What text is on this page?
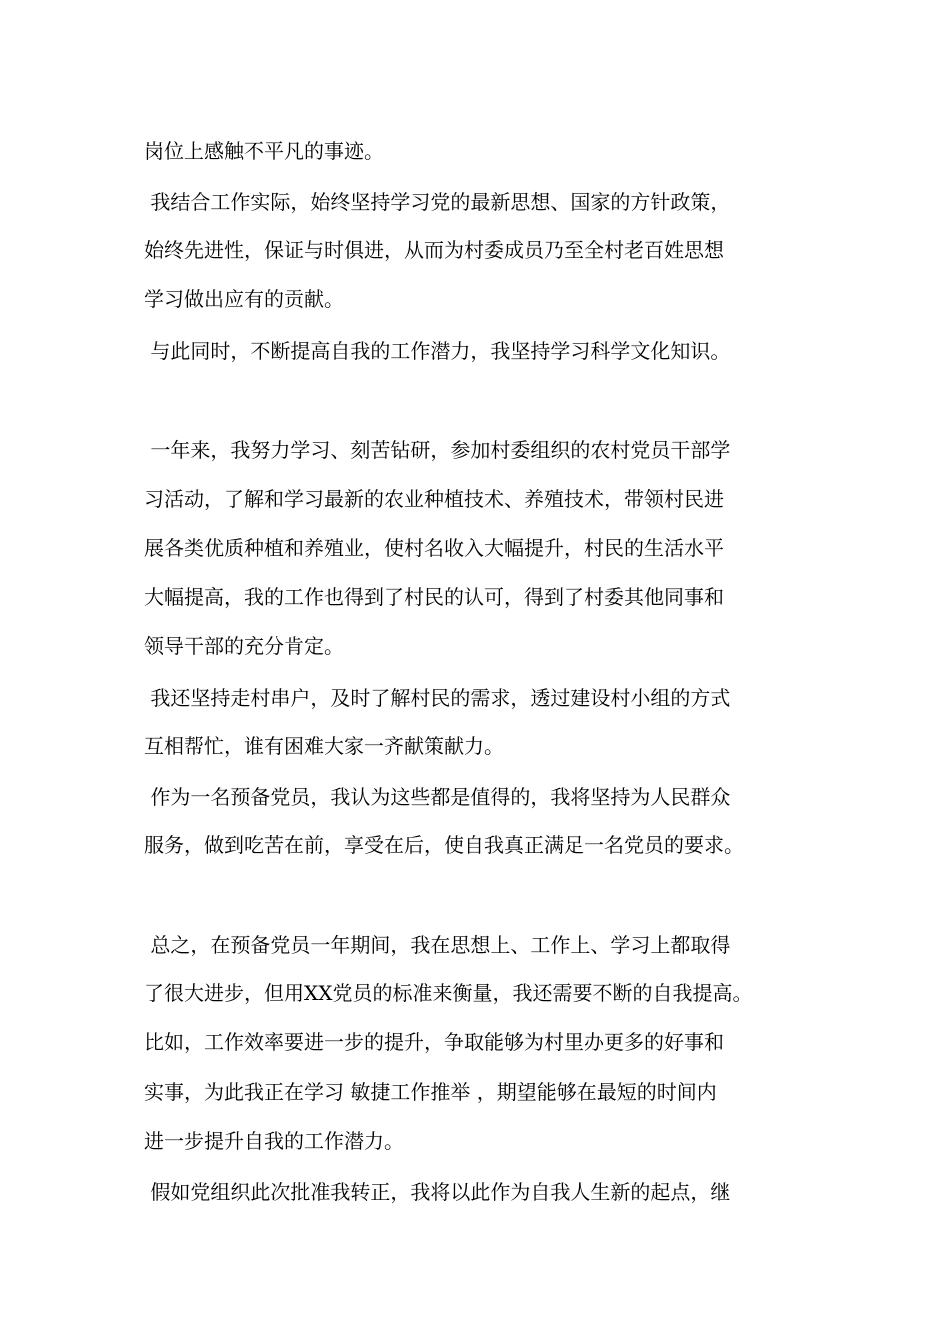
岗位上感触不平凡的事迹。
我结合工作实际，始终坚持学习党的最新思想、国家的方针政策，
始终先进性，保证与时俱进，从而为村委成员乃至全村老百姓思想
学习做出应有的贡献。
与此同时，不断提高自我的工作潜力，我坚持学习科学文化知识。
一年来，我努力学习、刻苦钻研，参加村委组织的农村党员干部学
习活动，了解和学习最新的农业种植技术、养殖技术，带领村民进
展各类优质种植和养殖业，使村名收入大幅提升，村民的生活水平
大幅提高，我的工作也得到了村民的认可，得到了村委其他同事和
领导干部的充分肯定。
我还坚持走村串户，及时了解村民的需求，透过建设村小组的方式
互相帮忙，谁有困难大家一齐献策献力。
作为一名预备党员，我认为这些都是值得的，我将坚持为人民群众
服务，做到吃苦在前，享受在后，使自我真正满足一名党员的要求。
总之，在预备党员一年期间，我在思想上、工作上、学习上都取得
了很大进步，但用XX党员的标准来衡量，我还需要不断的自我提高。
比如，工作效率要进一步的提升，争取能够为村里办更多的好事和
实事，为此我正在学习 敏捷工作推举 ，期望能够在最短的时间内
进一步提升自我的工作潜力。
假如党组织此次批准我转正，我将以此作为自我人生新的起点，继
